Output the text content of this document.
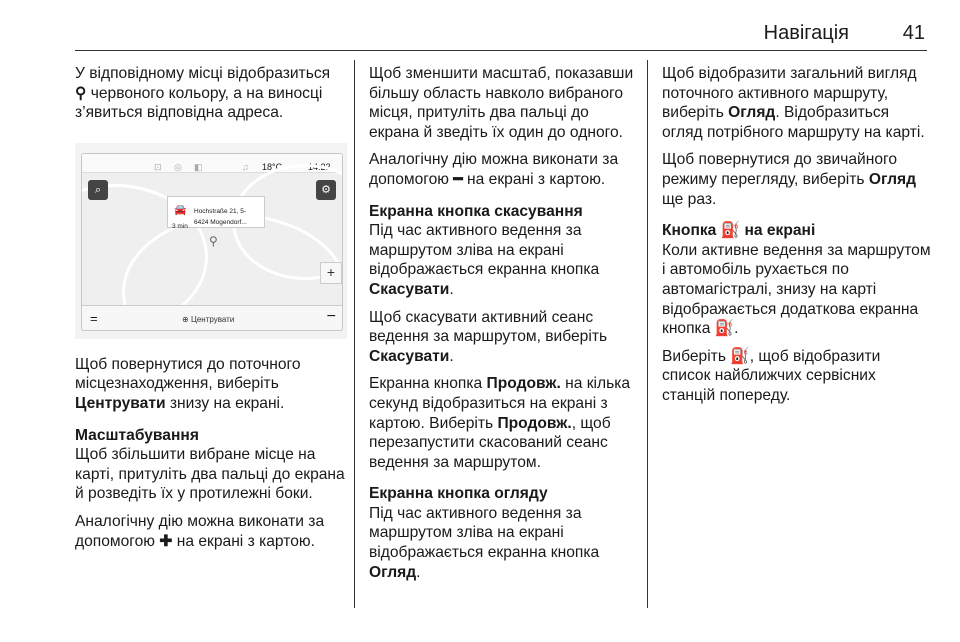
Навігація	41

У відповідному місці відобразиться
⚲ червоного кольору, а на виносці з’явиться відповідна адреса.

⊡ ◎ ◧	♫ 18°C	14:22
⌕	⚙
🚘
3 min
Hochstraße 21, 5-
6424 Mogendorf...
⚲
+
=	⊕ Центрувати	−

Щоб повернутися до поточного місцезнаходження, виберіть Центрувати знизу на екрані.

Масштабування

Щоб збільшити вибране місце на карті, притуліть два пальці до екрана й розведіть їх у протилежні боки.

Аналогічну дію можна виконати за допомогою ✚ на екрані з картою.

Щоб зменшити масштаб, показавши більшу область навколо вибраного місця, притуліть два пальці до екрана й зведіть їх один до одного.

Аналогічну дію можна виконати за допомогою ━ на екрані з картою.

Екранна кнопка скасування

Під час активного ведення за маршрутом зліва на екрані відображається екранна кнопка Скасувати.

Щоб скасувати активний сеанс ведення за маршрутом, виберіть Скасувати.

Екранна кнопка Продовж. на кілька секунд відобразиться на екрані з картою. Виберіть Продовж., щоб перезапустити скасований сеанс ведення за маршрутом.

Екранна кнопка огляду

Під час активного ведення за маршрутом зліва на екрані відображається екранна кнопка Огляд.

Щоб відобразити загальний вигляд поточного активного маршруту, виберіть Огляд. Відобразиться огляд потрібного маршруту на карті.

Щоб повернутися до звичайного режиму перегляду, виберіть Огляд ще раз.

Кнопка ⛽ на екрані

Коли активне ведення за маршрутом і автомобіль рухається по автомагістралі, знизу на карті відображається додаткова екранна кнопка ⛽.

Виберіть ⛽, щоб відобразити список найближчих сервісних станцій попереду.
